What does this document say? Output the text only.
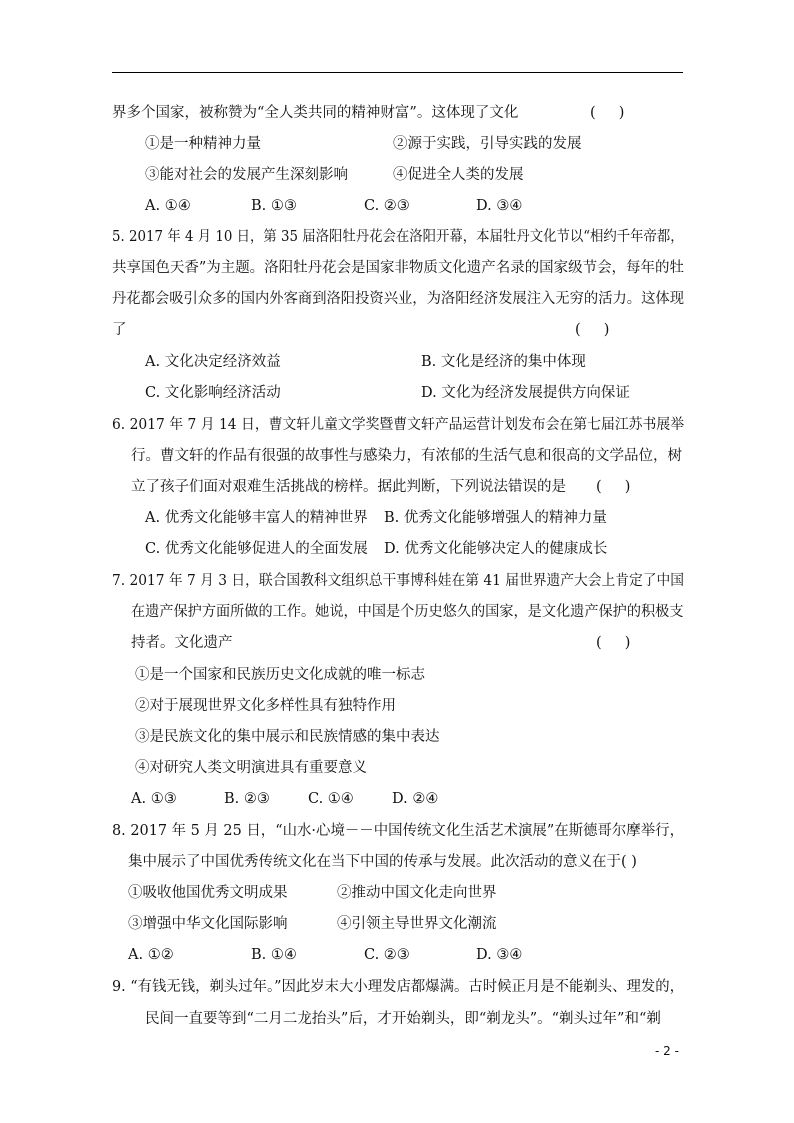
界多个国家，被称赞为“全人类共同的精神财富”。这体现了文化	(     )
①是一种精神力量	②源于实践，引导实践的发展
③能对社会的发展产生深刻影响	④促进全人类的发展
A. ①④	B. ①③	C. ②③	D. ③④
5. 2017 年 4 月 10 日，第 35 届洛阳牡丹花会在洛阳开幕，本届牡丹文化节以“相约千年帝都，
共享国色天香”为主题。洛阳牡丹花会是国家非物质文化遗产名录的国家级节会，每年的牡
丹花都会吸引众多的国内外客商到洛阳投资兴业，为洛阳经济发展注入无穷的活力。这体现
了	(     )
A. 文化决定经济效益	B. 文化是经济的集中体现
C. 文化影响经济活动	D. 文化为经济发展提供方向保证
6. 2017 年 7 月 14 日，曹文轩儿童文学奖暨曹文轩产品运营计划发布会在第七届江苏书展举
行。曹文轩的作品有很强的故事性与感染力，有浓郁的生活气息和很高的文学品位，树
立了孩子们面对艰难生活挑战的榜样。据此判断，下列说法错误的是 (     )
A. 优秀文化能够丰富人的精神世界 B. 优秀文化能够增强人的精神力量
C. 优秀文化能够促进人的全面发展 D. 优秀文化能够决定人的健康成长
7. 2017 年 7 月 3 日，联合国教科文组织总干事博科娃在第 41 届世界遗产大会上肯定了中国
在遗产保护方面所做的工作。她说，中国是个历史悠久的国家，是文化遗产保护的积极支
持者。文化遗产	(     )
①是一个国家和民族历史文化成就的唯一标志
②对于展现世界文化多样性具有独特作用
③是民族文化的集中展示和民族情感的集中表达
④对研究人类文明演进具有重要意义
A. ①③	B. ②③	C. ①④	D. ②④
8. 2017 年 5 月 25 日，“山水·心境－－中国传统文化生活艺术演展”在斯德哥尔摩举行，
集中展示了中国优秀传统文化在当下中国的传承与发展。此次活动的意义在于( )
①吸收他国优秀文明成果	②推动中国文化走向世界
③增强中华文化国际影响	④引领主导世界文化潮流
A. ①②	B. ①④	C. ②③	D. ③④
9. “有钱无钱，剃头过年。”因此岁末大小理发店都爆满。古时候正月是不能剃头、理发的，
民间一直要等到“二月二龙抬头”后，才开始剃头，即“剃龙头”。“剃头过年”和“剃
- 2 -
